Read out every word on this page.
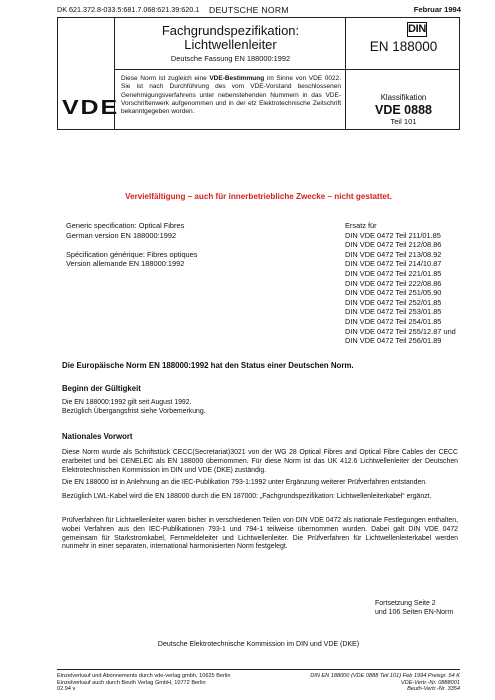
DK 621.372.8-033.5:681.7.068:621.39:620.1 DEUTSCHE NORM	Februar 1994
Fachgrundspezifikation:
Lichtwellenleiter
Deutsche Fassung EN 188000:1992
VDE
Diese Norm ist zugleich eine VDE-Bestimmung im Sinne von VDE 0022. Sie ist nach Durchführung des vom VDE-Vorstand beschlossenen Genehmigungsverfahrens unter nebenstehenden Nummern in das VDE-Vorschriftenwerk aufgenommen und in der etz Elektrotechnische Zeitschrift bekanntgegeben worden.
DIN
EN 188000
Klassifikation
VDE 0888
Teil 101
Vervielfältigung – auch für innerbetriebliche Zwecke – nicht gestattet.
Generic specification: Optical Fibres
German version EN 188000:1992
Spécification générique: Fibres optiques
Version allemande EN 188000:1992
Ersatz für
DIN VDE 0472 Teil 211/01.85
DIN VDE 0472 Teil 212/08.86
DIN VDE 0472 Teil 213/08.92
DIN VDE 0472 Teil 214/10.87
DIN VDE 0472 Teil 221/01.85
DIN VDE 0472 Teil 222/08.86
DIN VDE 0472 Teil 251/05.90
DIN VDE 0472 Teil 252/01.85
DIN VDE 0472 Teil 253/01.85
DIN VDE 0472 Teil 254/01.85
DIN VDE 0472 Teil 255/12.87 und
DIN VDE 0472 Teil 256/01.89
Die Europäische Norm EN 188000:1992 hat den Status einer Deutschen Norm.
Beginn der Gültigkeit
Die EN 188000:1992 gilt seit August 1992.
Bezüglich Übergangsfrist siehe Vorbemerkung.
Nationales Vorwort
Diese Norm wurde als Schriftstück CECC(Secretariat)3021 von der WG 28 Optical Fibres and Optical Fibre Cables der CECC erarbeitet und bei CENELEC als EN 188000 übernommen. Für diese Norm ist das UK 412.6 Lichtwellenleiter der Deutschen Elektrotechnischen Kommission im DIN und VDE (DKE) zuständig.
Die EN 188000 ist in Anlehnung an die IEC-Publikation 793-1:1992 unter Ergänzung weiterer Prüfverfahren entstanden.
Bezüglich LWL-Kabel wird die EN 188000 durch die EN 187000: „Fachgrundspezifikation: Lichtwellenleiterkabel“ ergänzt.
Prüfverfahren für Lichtwellenleiter waren bisher in verschiedenen Teilen von DIN VDE 0472 als nationale Festlegungen enthalten, wobei Verfahren aus den IEC-Publikationen 793-1 und 794-1 teilweise übernommen wurden. Dabei galt DIN VDE 0472 gemeinsam für Starkstromkabel, Fernmeldeleiter und Lichtwellenleiter. Die Prüfverfahren für Lichtwellenleiterkabel werden nunmehr in einer separaten, international harmonisierten Norm festgelegt.
Fortsetzung Seite 2
und 106 Seiten EN-Norm
Deutsche Elektrotechnische Kommission im DIN und VDE (DKE)
Einzelverkauf und Abonnements durch vde-verlag gmbh, 10625 Berlin
Einzelverkauf auch durch Beuth Verlag GmbH, 10772 Berlin
02.94 v
DIN EN 188000 (VDE 0888 Teil 101) Feb 1994 Preisgr. 54 K
VDE-Vertr.-Nr. 0888001
Beuth-Vertr.-Nr. 3354
